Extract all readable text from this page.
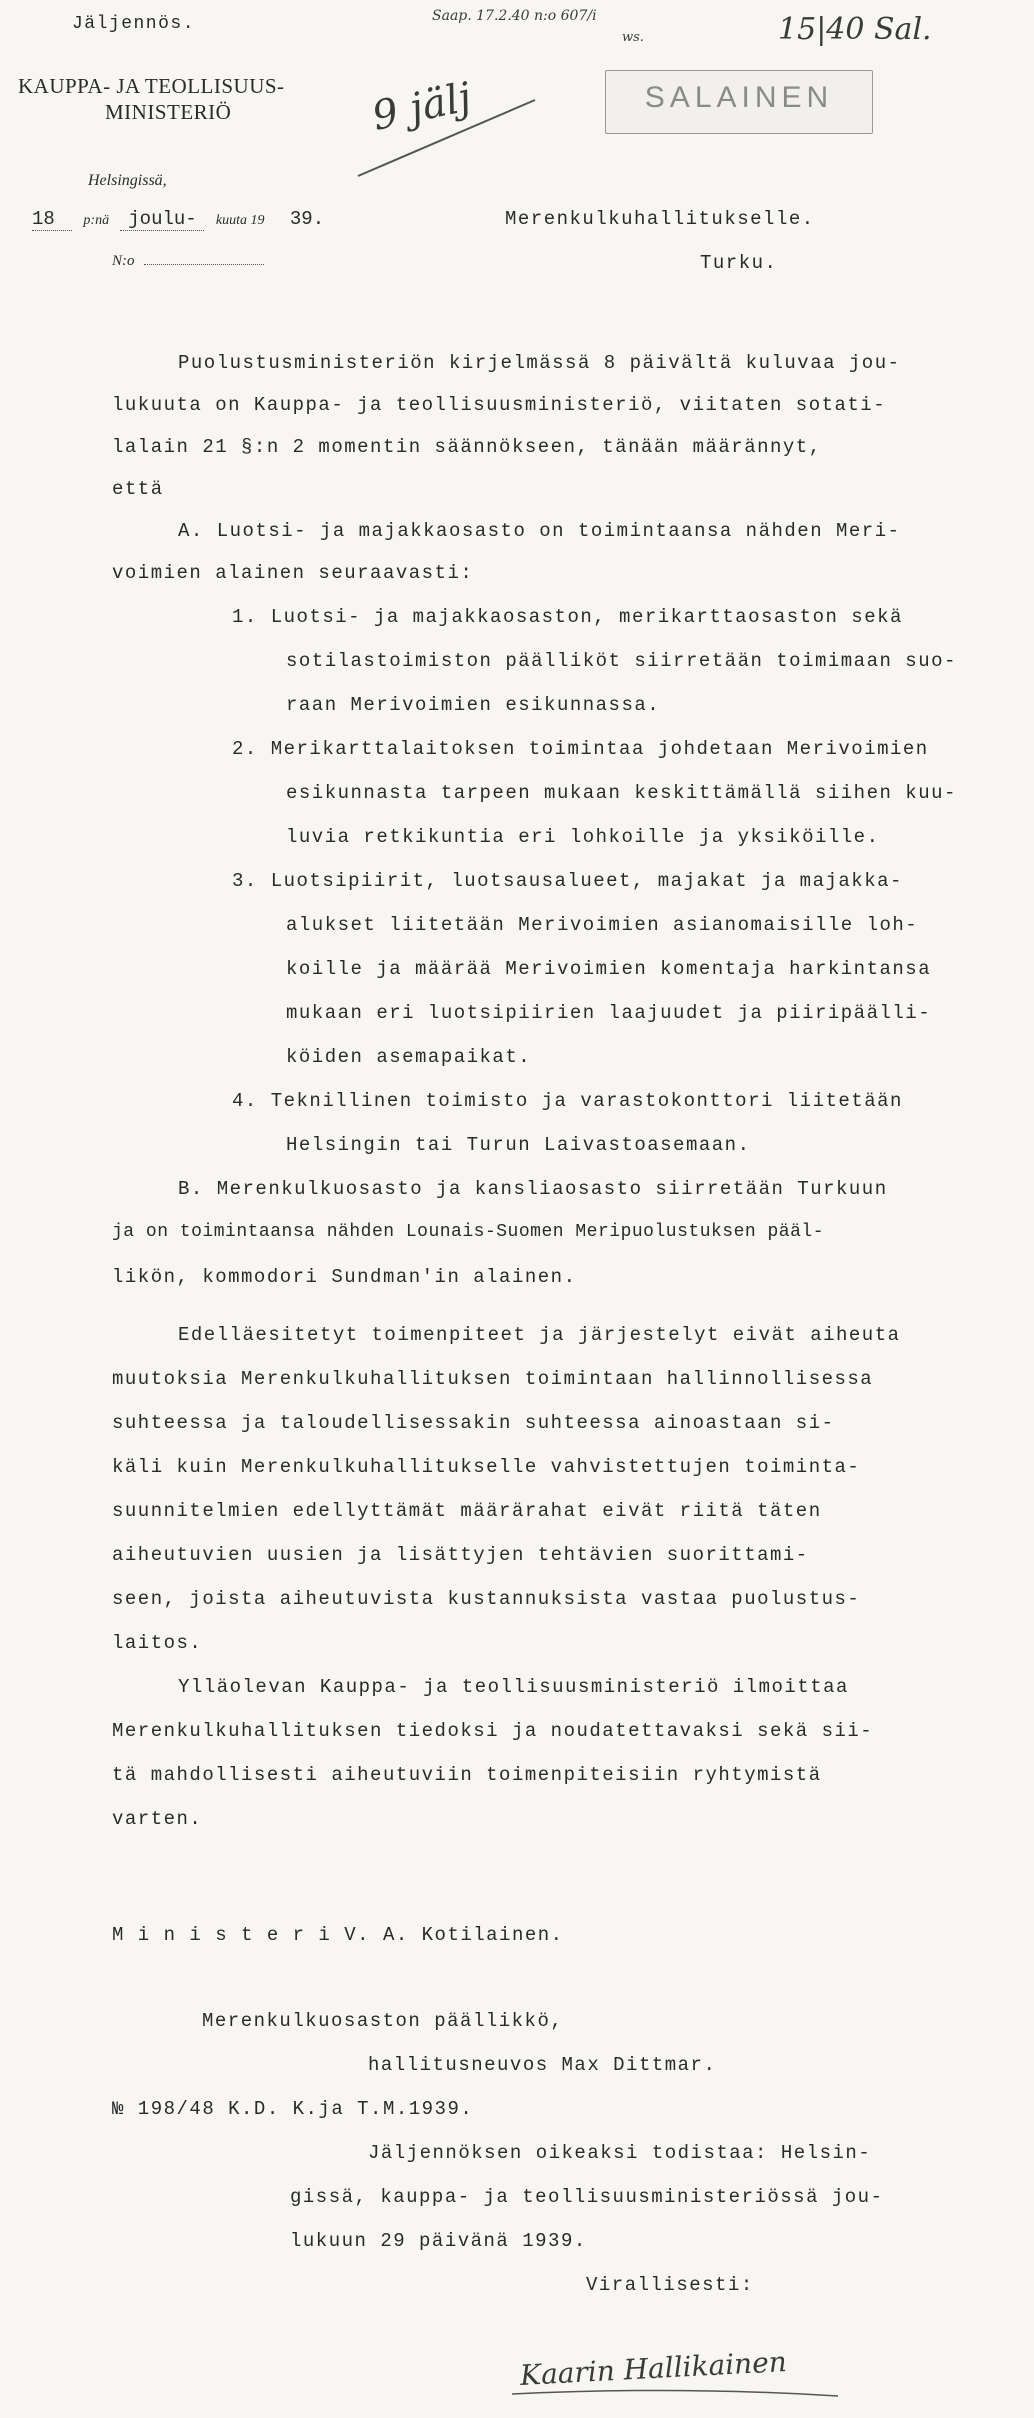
Jäljennös.
KAUPPA- JA TEOLLISUUS-
MINISTERIÖ
Helsingissä,
18 p:nä joulu- kuuta 19 39.
N:o
Merenkulkuhallitukselle.
Turku.
Saap. 17.2.40 n:o 607/i
ws.	15|40 Sal.
9 jälj	SALAINEN
Puolustusministeriön kirjelmässä 8 päivältä kuluvaa jou-
lukuuta on Kauppa- ja teollisuusministeriö, viitaten sotati-
lalain 21 §:n 2 momentin säännökseen, tänään määrännyt,
että
A. Luotsi- ja majakkaosasto on toimintaansa nähden Meri-
voimien alainen seuraavasti:
1. Luotsi- ja majakkaosaston, merikarttaosaston sekä
sotilastoimiston päälliköt siirretään toimimaan suo-
raan Merivoimien esikunnassa.
2. Merikarttalaitoksen toimintaa johdetaan Merivoimien
esikunnasta tarpeen mukaan keskittämällä siihen kuu-
luvia retkikuntia eri lohkoille ja yksiköille.
3. Luotsipiirit, luotsausalueet, majakat ja majakka-
alukset liitetään Merivoimien asianomaisille loh-
koille ja määrää Merivoimien komentaja harkintansa
mukaan eri luotsipiirien laajuudet ja piiripäälli-
köiden asemapaikat.
4. Teknillinen toimisto ja varastokonttori liitetään
Helsingin tai Turun Laivastoasemaan.
B. Merenkulkuosasto ja kansliaosasto siirretään Turkuun
ja on toimintaansa nähden Lounais-Suomen Meripuolustuksen pääl-
likön, kommodori Sundman'in alainen.
Edelläesitetyt toimenpiteet ja järjestelyt eivät aiheuta
muutoksia Merenkulkuhallituksen toimintaan hallinnollisessa
suhteessa ja taloudellisessakin suhteessa ainoastaan si-
käli kuin Merenkulkuhallitukselle vahvistettujen toiminta-
suunnitelmien edellyttämät määrärahat eivät riitä täten
aiheutuvien uusien ja lisättyjen tehtävien suorittami-
seen, joista aiheutuvista kustannuksista vastaa puolustus-
laitos.
Ylläolevan Kauppa- ja teollisuusministeriö ilmoittaa
Merenkulkuhallituksen tiedoksi ja noudatettavaksi sekä sii-
tä mahdollisesti aiheutuviin toimenpiteisiin ryhtymistä
varten.
M i n i s t e r i V. A. Kotilainen.
Merenkulkuosaston päällikkö,
hallitusneuvos Max Dittmar.
№ 198/48 K.D. K.ja T.M.1939.
Jäljennöksen oikeaksi todistaa: Helsin-
gissä, kauppa- ja teollisuusministeriössä jou-
lukuun 29 päivänä 1939.
Virallisesti:
Kaarin Hallikainen
